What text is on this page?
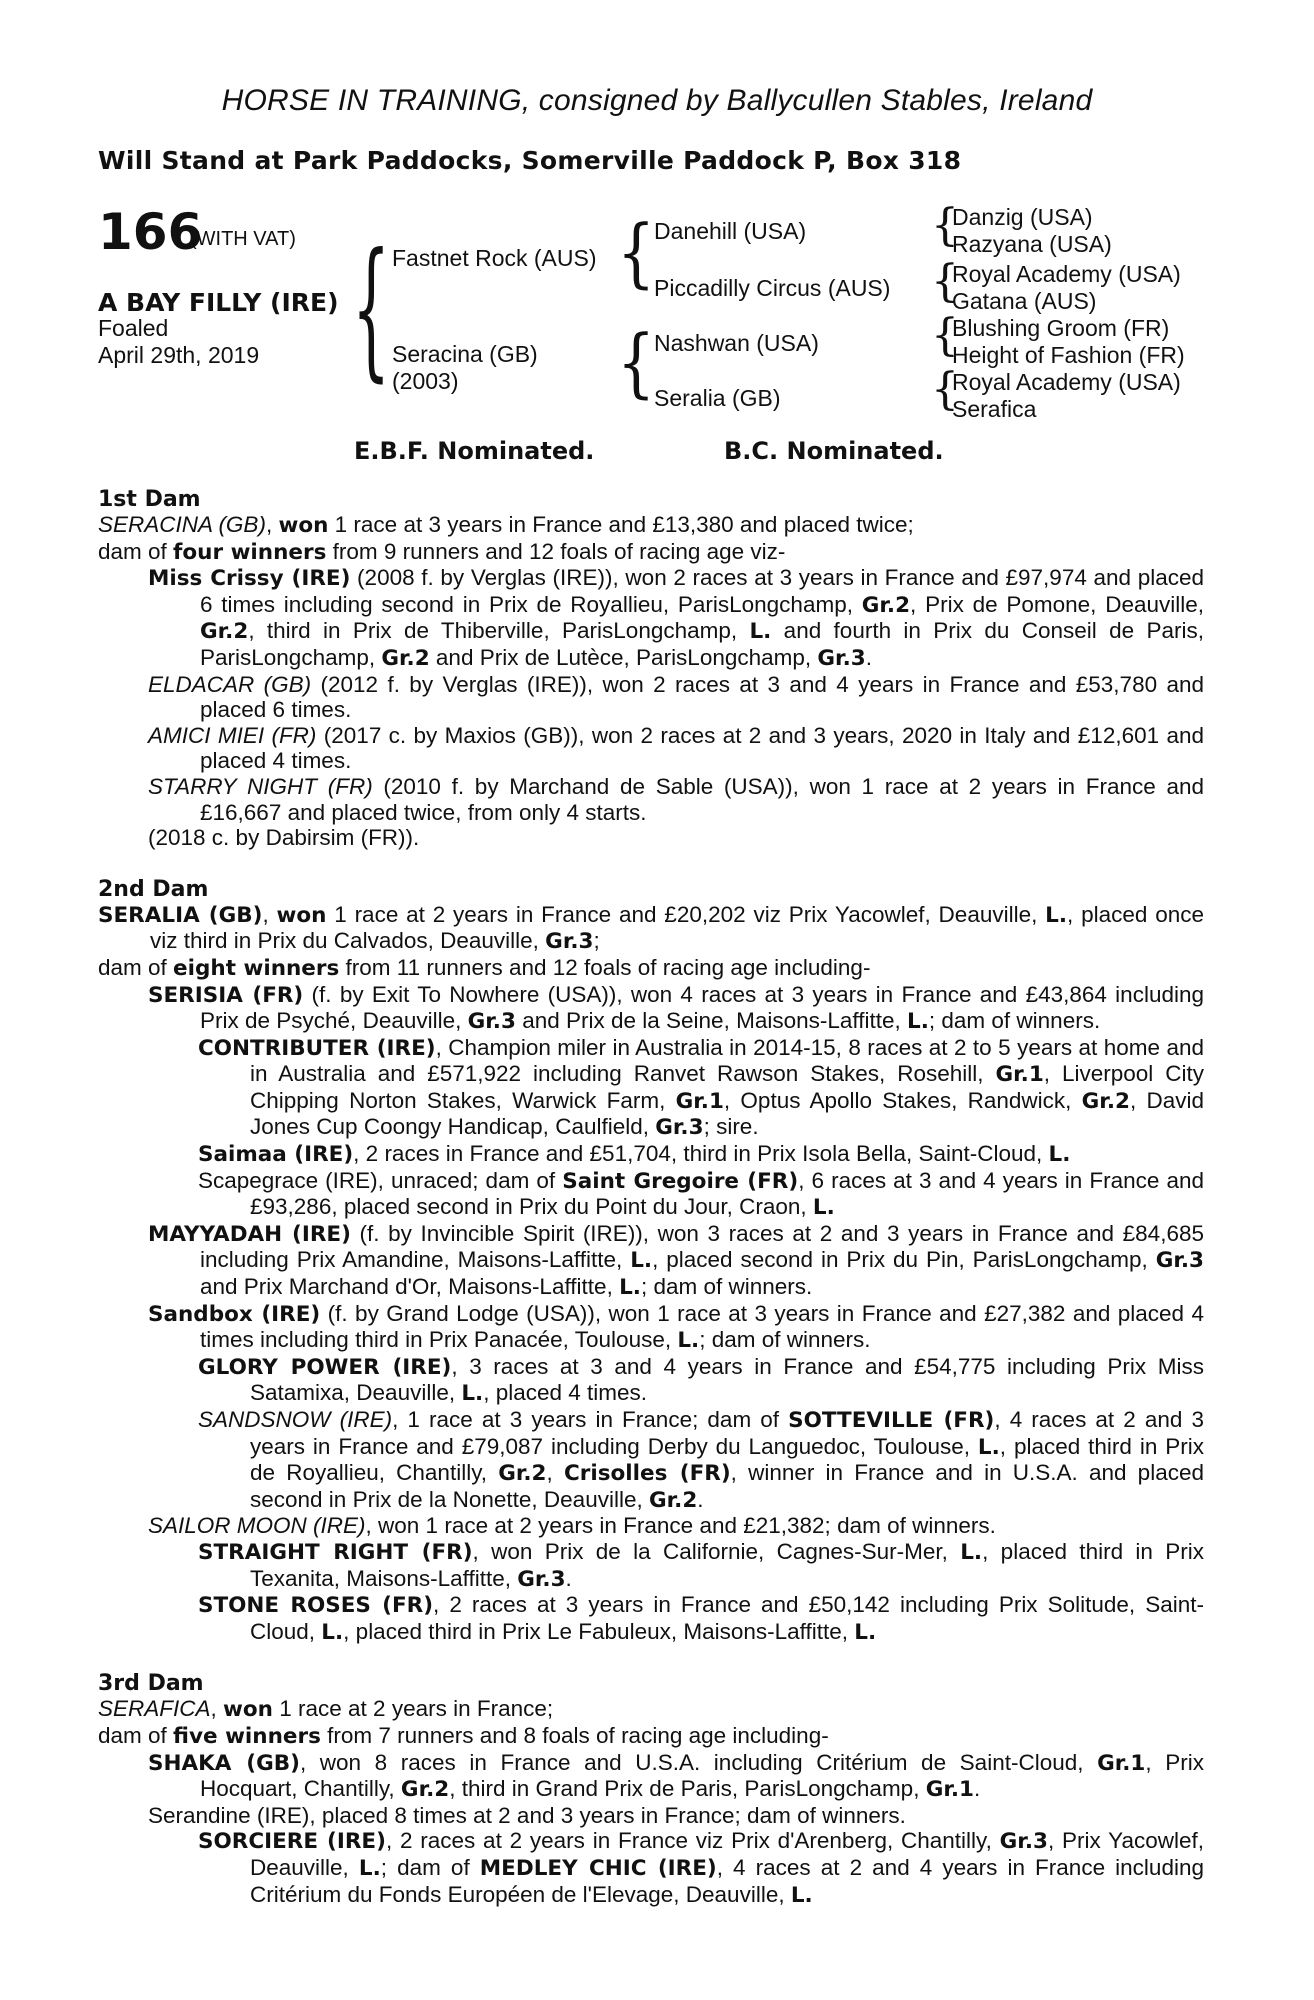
HORSE IN TRAINING, consigned by Ballycullen Stables, Ireland
Will Stand at Park Paddocks, Somerville Paddock P, Box 318
166
(WITH VAT)
A BAY FILLY (IRE)
Foaled
April 29th, 2019 {	{
{
{
{
{
{
Fastnet Rock (AUS)
Seracina (GB)
(2003)
Danehill (USA)
Piccadilly Circus (AUS)
Nashwan (USA)
Seralia (GB)
Danzig (USA)
Razyana (USA)
Royal Academy (USA)
Gatana (AUS)
Blushing Groom (FR)
Height of Fashion (FR)
Royal Academy (USA)
Serafica
E.B.F. Nominated.	B.C. Nominated.
1st Dam

SERACINA (GB), won 1 race at 3 years in France and £13,380 and placed twice;

dam of four winners from 9 runners and 12 foals of racing age viz-

Miss Crissy (IRE) (2008 f. by Verglas (IRE)), won 2 races at 3 years in France and £97,974 and placed 6 times including second in Prix de Royallieu, ParisLongchamp, Gr.2, Prix de Pomone, Deauville, Gr.2, third in Prix de Thiberville, ParisLongchamp, L. and fourth in Prix du Conseil de Paris, ParisLongchamp, Gr.2 and Prix de Lutèce, ParisLongchamp, Gr.3.

ELDACAR (GB) (2012 f. by Verglas (IRE)), won 2 races at 3 and 4 years in France and £53,780 and placed 6 times.

AMICI MIEI (FR) (2017 c. by Maxios (GB)), won 2 races at 2 and 3 years, 2020 in Italy and £12,601 and placed 4 times.

STARRY NIGHT (FR) (2010 f. by Marchand de Sable (USA)), won 1 race at 2 years in France and £16,667 and placed twice, from only 4 starts.

(2018 c. by Dabirsim (FR)).

2nd Dam

SERALIA (GB), won 1 race at 2 years in France and £20,202 viz Prix Yacowlef, Deauville, L., placed once viz third in Prix du Calvados, Deauville, Gr.3;

dam of eight winners from 11 runners and 12 foals of racing age including-

SERISIA (FR) (f. by Exit To Nowhere (USA)), won 4 races at 3 years in France and £43,864 including Prix de Psyché, Deauville, Gr.3 and Prix de la Seine, Maisons-Laffitte, L.; dam of winners.

CONTRIBUTER (IRE), Champion miler in Australia in 2014-15, 8 races at 2 to 5 years at home and in Australia and £571,922 including Ranvet Rawson Stakes, Rosehill, Gr.1, Liverpool City Chipping Norton Stakes, Warwick Farm, Gr.1, Optus Apollo Stakes, Randwick, Gr.2, David Jones Cup Coongy Handicap, Caulfield, Gr.3; sire.

Saimaa (IRE), 2 races in France and £51,704, third in Prix Isola Bella, Saint-Cloud, L.

Scapegrace (IRE), unraced; dam of Saint Gregoire (FR), 6 races at 3 and 4 years in France and £93,286, placed second in Prix du Point du Jour, Craon, L.

MAYYADAH (IRE) (f. by Invincible Spirit (IRE)), won 3 races at 2 and 3 years in France and £84,685 including Prix Amandine, Maisons-Laffitte, L., placed second in Prix du Pin, ParisLongchamp, Gr.3 and Prix Marchand d'Or, Maisons-Laffitte, L.; dam of winners.

Sandbox (IRE) (f. by Grand Lodge (USA)), won 1 race at 3 years in France and £27,382 and placed 4 times including third in Prix Panacée, Toulouse, L.; dam of winners.

GLORY POWER (IRE), 3 races at 3 and 4 years in France and £54,775 including Prix Miss Satamixa, Deauville, L., placed 4 times.

SANDSNOW (IRE), 1 race at 3 years in France; dam of SOTTEVILLE (FR), 4 races at 2 and 3 years in France and £79,087 including Derby du Languedoc, Toulouse, L., placed third in Prix de Royallieu, Chantilly, Gr.2, Crisolles (FR), winner in France and in U.S.A. and placed second in Prix de la Nonette, Deauville, Gr.2.

SAILOR MOON (IRE), won 1 race at 2 years in France and £21,382; dam of winners.

STRAIGHT RIGHT (FR), won Prix de la Californie, Cagnes-Sur-Mer, L., placed third in Prix Texanita, Maisons-Laffitte, Gr.3.

STONE ROSES (FR), 2 races at 3 years in France and £50,142 including Prix Solitude, Saint-Cloud, L., placed third in Prix Le Fabuleux, Maisons-Laffitte, L.

3rd Dam

SERAFICA, won 1 race at 2 years in France;

dam of five winners from 7 runners and 8 foals of racing age including-

SHAKA (GB), won 8 races in France and U.S.A. including Critérium de Saint-Cloud, Gr.1, Prix Hocquart, Chantilly, Gr.2, third in Grand Prix de Paris, ParisLongchamp, Gr.1.

Serandine (IRE), placed 8 times at 2 and 3 years in France; dam of winners.

SORCIERE (IRE), 2 races at 2 years in France viz Prix d'Arenberg, Chantilly, Gr.3, Prix Yacowlef, Deauville, L.; dam of MEDLEY CHIC (IRE), 4 races at 2 and 4 years in France including Critérium du Fonds Européen de l'Elevage, Deauville, L.
